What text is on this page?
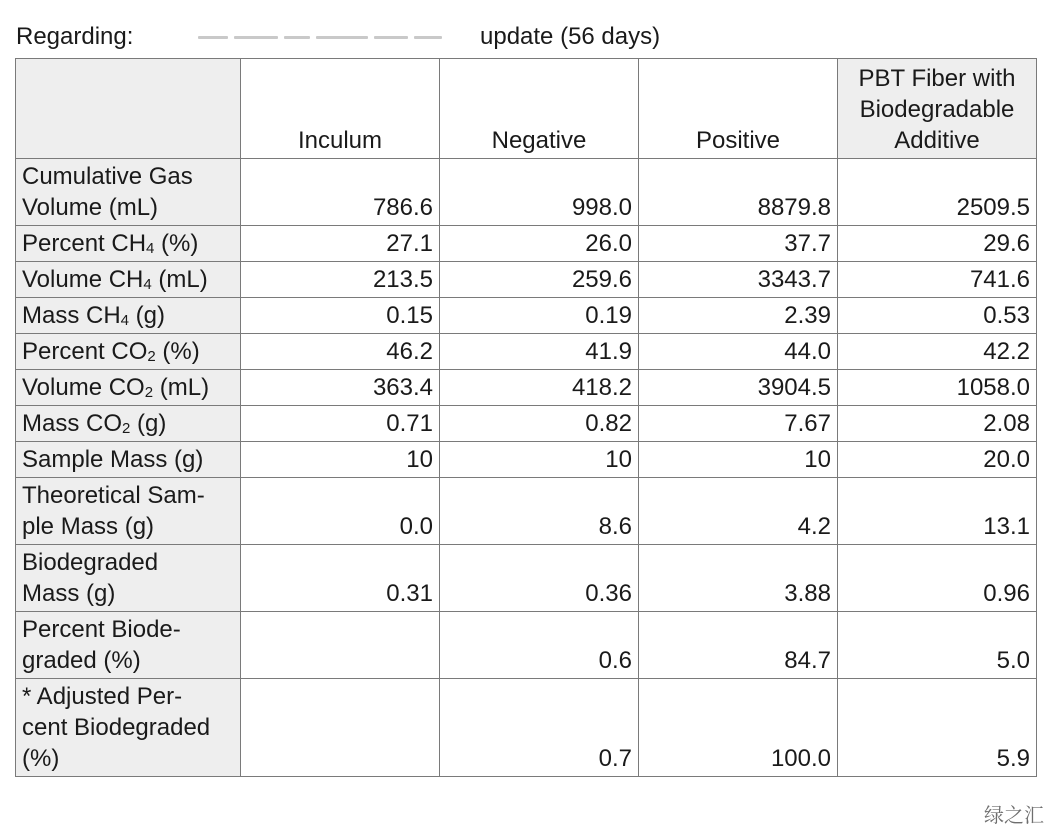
Regarding:	update (56 days)
	Inculum	Negative	Positive	PBT Fiber with Biodegradable Additive
Cumulative Gas Volume (mL)	786.6	998.0	8879.8	2509.5
Percent $CH_4$ (%)	27.1	26.0	37.7	29.6
Volume $CH_4$ (mL)	213.5	259.6	3343.7	741.6
Mass $CH_4$ (g)	0.15	0.19	2.39	0.53
Percent $CO_2$ (%)	46.2	41.9	44.0	42.2
Volume $CO_2$ (mL)	363.4	418.2	3904.5	1058.0
Mass $CO_2$ (g)	0.71	0.82	7.67	2.08
Sample Mass (g)	10	10	10	20.0
Theoretical Sam-
ple Mass (g)	0.0	8.6	4.2	13.1
Biodegraded
Mass (g)	0.31	0.36	3.88	0.96
Percent Biode-
graded (%)		0.6	84.7	5.0
* Adjusted Per-
cent Biodegraded
(%)		0.7	100.0	5.9
绿之汇
